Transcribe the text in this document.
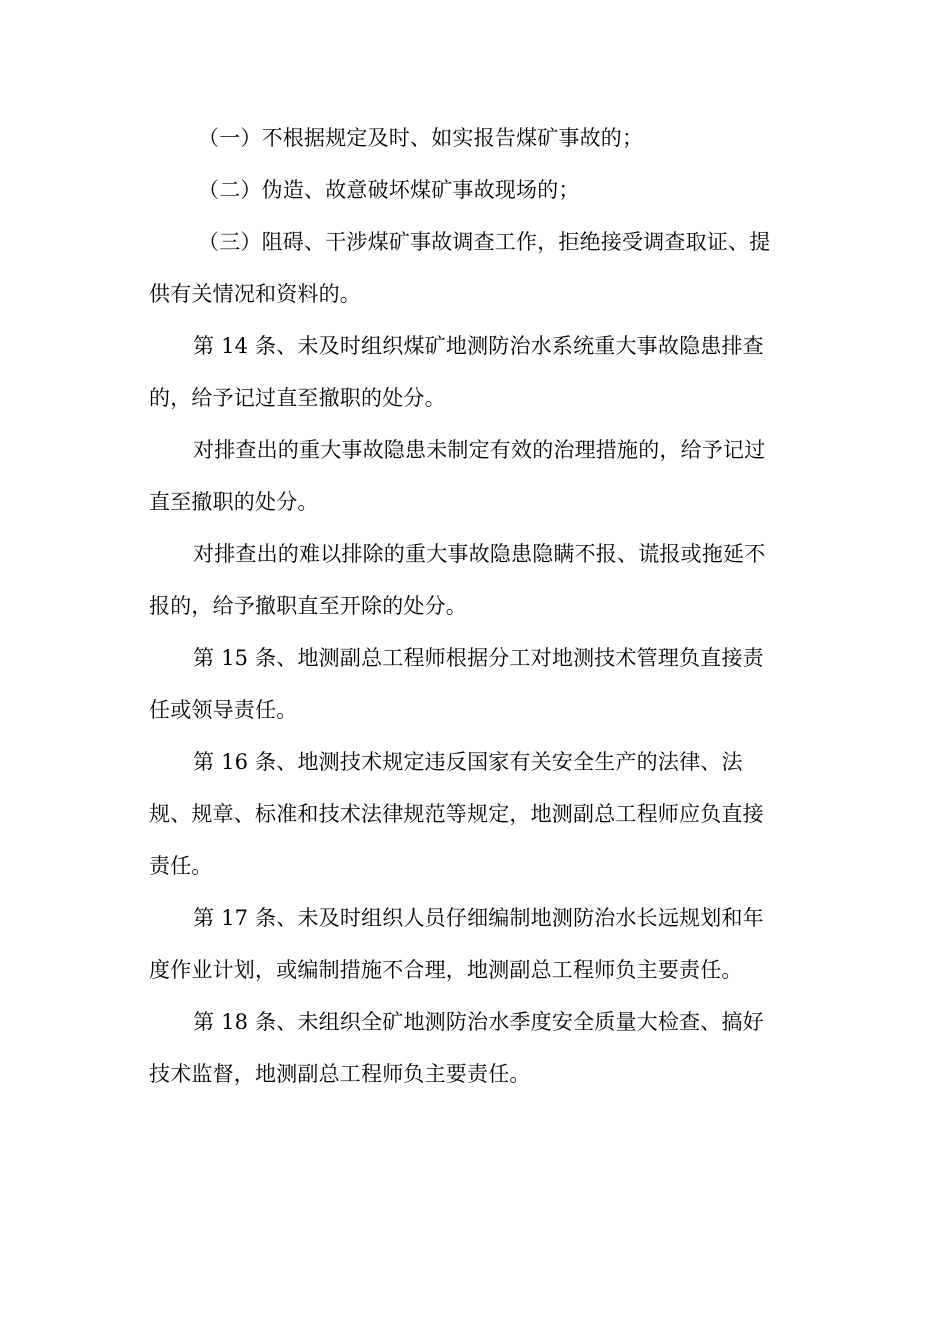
（一）不根据规定及时、如实报告煤矿事故的；
（二）伪造、故意破坏煤矿事故现场的；
（三）阻碍、干涉煤矿事故调查工作，拒绝接受调查取证、提
供有关情况和资料的。
第 14 条、未及时组织煤矿地测防治水系统重大事故隐患排查
的，给予记过直至撤职的处分。
对排查出的重大事故隐患未制定有效的治理措施的，给予记过
直至撤职的处分。
对排查出的难以排除的重大事故隐患隐瞒不报、谎报或拖延不
报的，给予撤职直至开除的处分。
第 15 条、地测副总工程师根据分工对地测技术管理负直接责
任或领导责任。
第 16 条、地测技术规定违反国家有关安全生产的法律、法
规、规章、标准和技术法律规范等规定，地测副总工程师应负直接
责任。
第 17 条、未及时组织人员仔细编制地测防治水长远规划和年
度作业计划，或编制措施不合理，地测副总工程师负主要责任。
第 18 条、未组织全矿地测防治水季度安全质量大检查、搞好
技术监督，地测副总工程师负主要责任。
